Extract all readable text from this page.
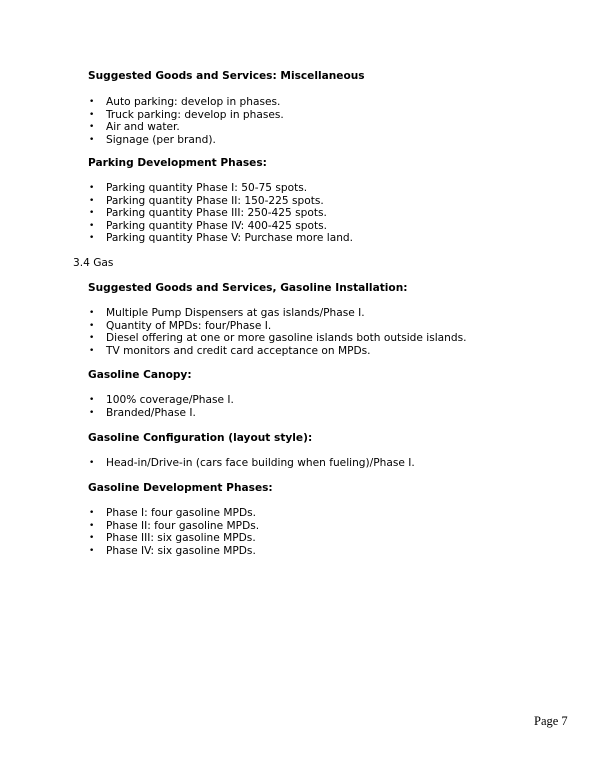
Suggested Goods and Services: Miscellaneous

• Auto parking: develop in phases.
• Truck parking: develop in phases.
• Air and water.
• Signage (per brand).

Parking Development Phases:

• Parking quantity Phase I: 50-75 spots.
• Parking quantity Phase II: 150-225 spots.
• Parking quantity Phase III: 250-425 spots.
• Parking quantity Phase IV: 400-425 spots.
• Parking quantity Phase V: Purchase more land.

3.4 Gas

Suggested Goods and Services, Gasoline Installation:

• Multiple Pump Dispensers at gas islands/Phase I.
• Quantity of MPDs: four/Phase I.
• Diesel offering at one or more gasoline islands both outside islands.
• TV monitors and credit card acceptance on MPDs.

Gasoline Canopy:

• 100% coverage/Phase I.
• Branded/Phase I.

Gasoline Configuration (layout style):

• Head-in/Drive-in (cars face building when fueling)/Phase I.

Gasoline Development Phases:

• Phase I: four gasoline MPDs.
• Phase II: four gasoline MPDs.
• Phase III: six gasoline MPDs.
• Phase IV: six gasoline MPDs.
Page 7
